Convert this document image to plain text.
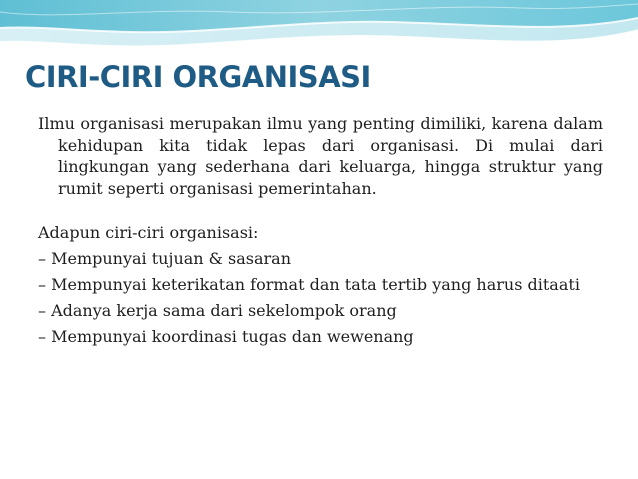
CIRI-CIRI ORGANISASI

Ilmu organisasi merupakan ilmu yang penting dimiliki, karena dalam kehidupan kita tidak lepas dari organisasi. Di mulai dari lingkungan yang sederhana dari keluarga, hingga struktur yang rumit seperti organisasi pemerintahan.

Adapun ciri-ciri organisasi:

– Mempunyai tujuan & sasaran

– Mempunyai keterikatan format dan tata tertib yang harus ditaati

– Adanya kerja sama dari sekelompok orang

– Mempunyai koordinasi tugas dan wewenang
